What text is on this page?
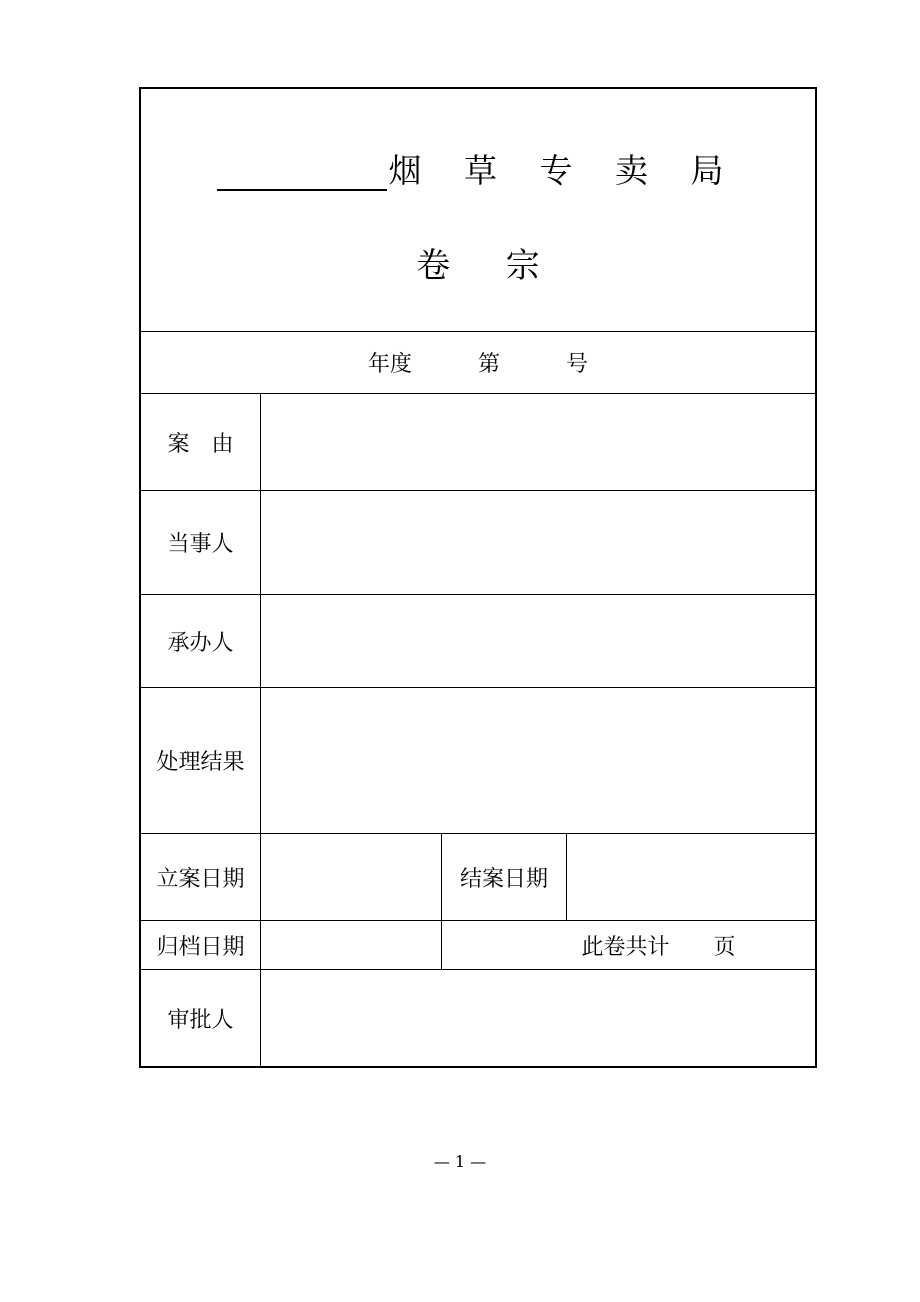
烟 草 专 卖 局
卷 　 宗
年度　　　第　　　号
案　由
当事人
承办人
处理结果
立案日期	结案日期
归档日期	此卷共计　　页
审批人
— 1 —
